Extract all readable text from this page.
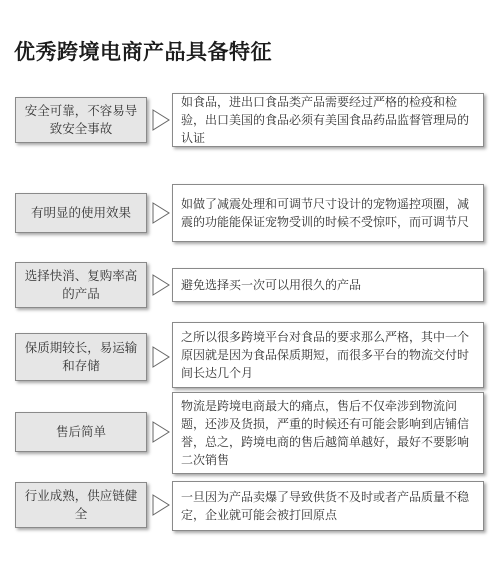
优秀跨境电商产品具备特征
安全可靠，不容易导致安全事故
如食品，进出口食品类产品需要经过严格的检疫和检验，出口美国的食品必须有美国食品药品监督管理局的认证
有明显的使用效果
如做了减震处理和可调节尺寸设计的宠物遥控项圈，减震的功能能保证宠物受训的时候不受惊吓，而可调节尺
选择快消、复购率高的产品
避免选择买一次可以用很久的产品
保质期较长，易运输和存储
之所以很多跨境平台对食品的要求那么严格，其中一个原因就是因为食品保质期短，而很多平台的物流交付时间长达几个月
售后简单
物流是跨境电商最大的痛点，售后不仅牵涉到物流问题，还涉及货损，严重的时候还有可能会影响到店铺信誉，总之，跨境电商的售后越简单越好，最好不要影响二次销售
行业成熟，供应链健全
一旦因为产品卖爆了导致供货不及时或者产品质量不稳定，企业就可能会被打回原点
